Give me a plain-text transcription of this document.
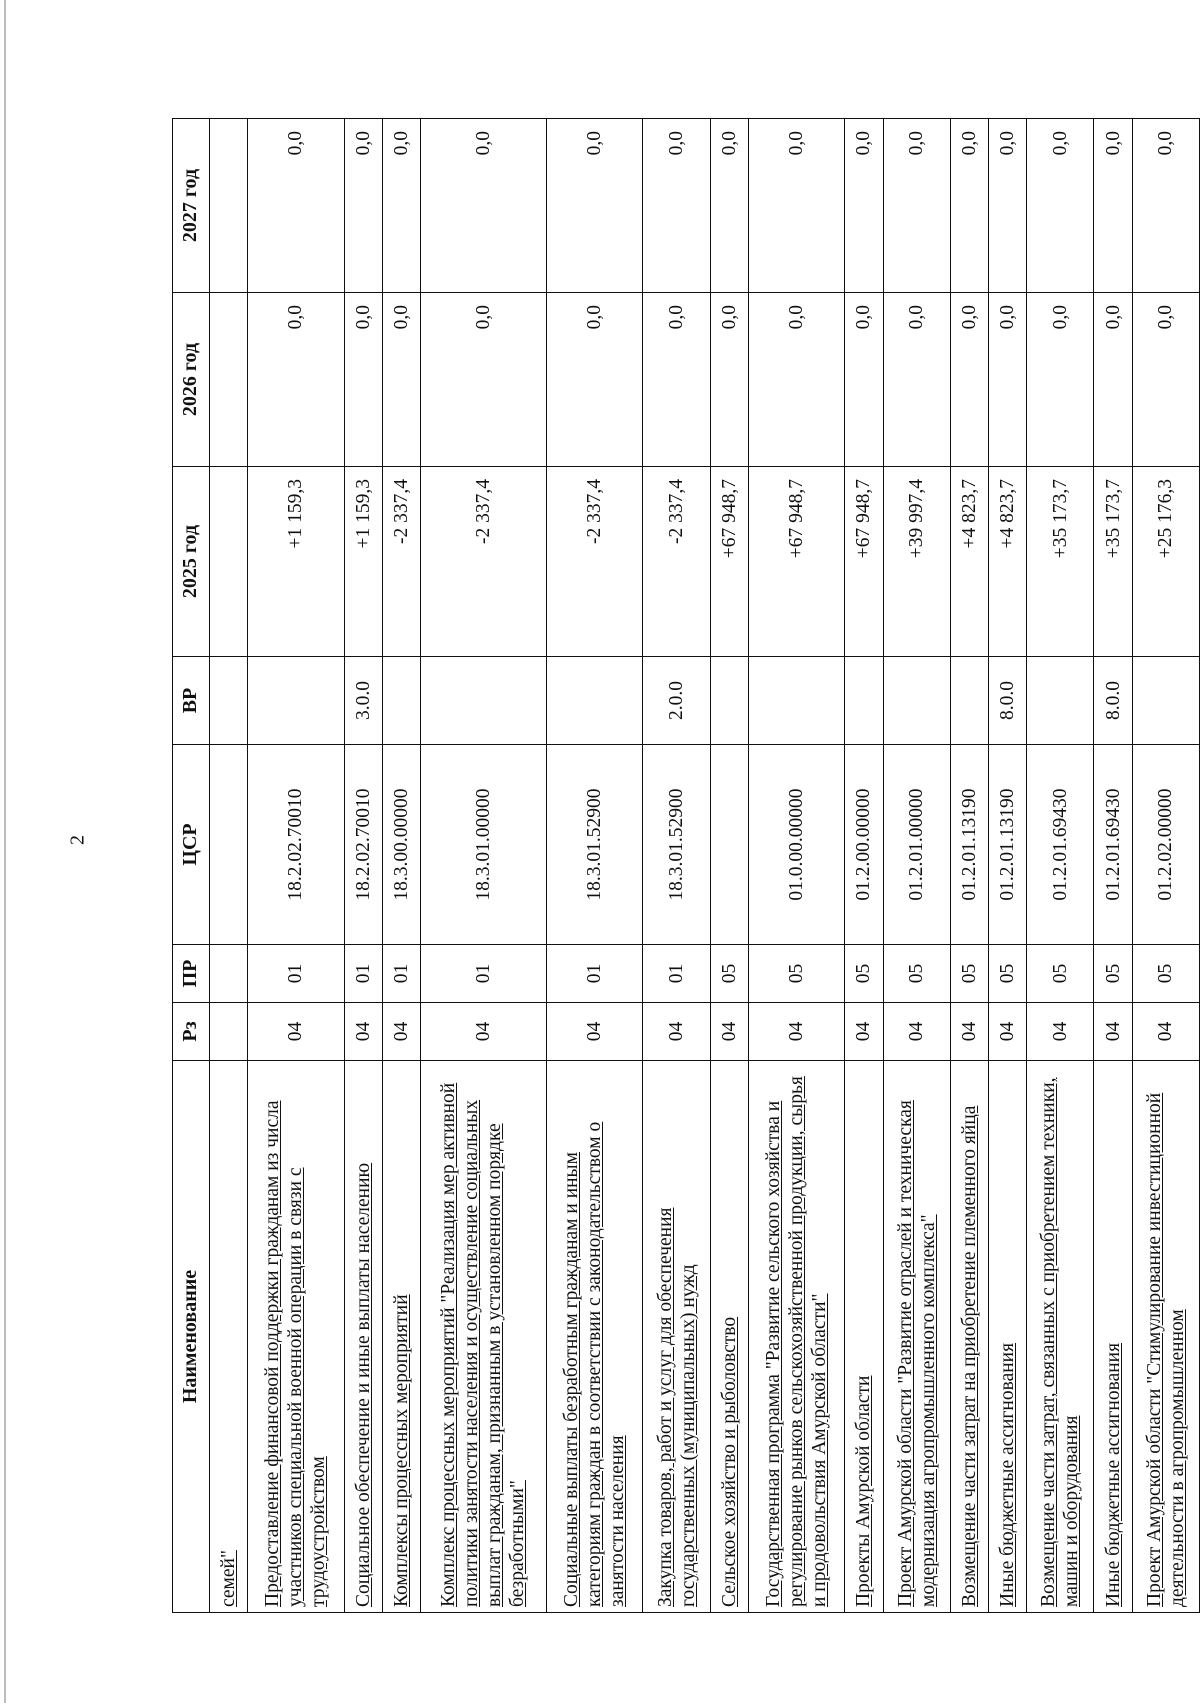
2
Наименование	Рз	ПР	ЦСР	ВР	2025 год	2026 год	2027 год
семей"							
Предоставление финансовой поддержки гражданам из числа участников специальной военной операции в связи с трудоустройством	04	01	18.2.02.70010		+1 159,3	0,0	0,0
Социальное обеспечение и иные выплаты населению	04	01	18.2.02.70010	3.0.0	+1 159,3	0,0	0,0
Комплексы процессных мероприятий	04	01	18.3.00.00000		-2 337,4	0,0	0,0
Комплекс процессных мероприятий "Реализация мер активной политики занятости населения и осуществление социальных выплат гражданам, признанным в установленном порядке безработными"	04	01	18.3.01.00000		-2 337,4	0,0	0,0
Социальные выплаты безработным гражданам и иным категориям граждан в соответствии с законодательством о занятости населения	04	01	18.3.01.52900		-2 337,4	0,0	0,0
Закупка товаров, работ и услуг для обеспечения государственных (муниципальных) нужд	04	01	18.3.01.52900	2.0.0	-2 337,4	0,0	0,0
Сельское хозяйство и рыболовство	04	05			+67 948,7	0,0	0,0
Государственная программа "Развитие сельского хозяйства и регулирование рынков сельскохозяйственной продукции, сырья и продовольствия Амурской области"	04	05	01.0.00.00000		+67 948,7	0,0	0,0
Проекты Амурской области	04	05	01.2.00.00000		+67 948,7	0,0	0,0
Проект Амурской области "Развитие отраслей и техническая модернизация агропромышленного комплекса"	04	05	01.2.01.00000		+39 997,4	0,0	0,0
Возмещение части затрат на приобретение племенного яйца	04	05	01.2.01.13190		+4 823,7	0,0	0,0
Иные бюджетные ассигнования	04	05	01.2.01.13190	8.0.0	+4 823,7	0,0	0,0
Возмещение части затрат, связанных с приобретением техники, машин и оборудования	04	05	01.2.01.69430		+35 173,7	0,0	0,0
Иные бюджетные ассигнования	04	05	01.2.01.69430	8.0.0	+35 173,7	0,0	0,0
Проект Амурской области "Стимулирование инвестиционной деятельности в агропромышленном	04	05	01.2.02.00000		+25 176,3	0,0	0,0
